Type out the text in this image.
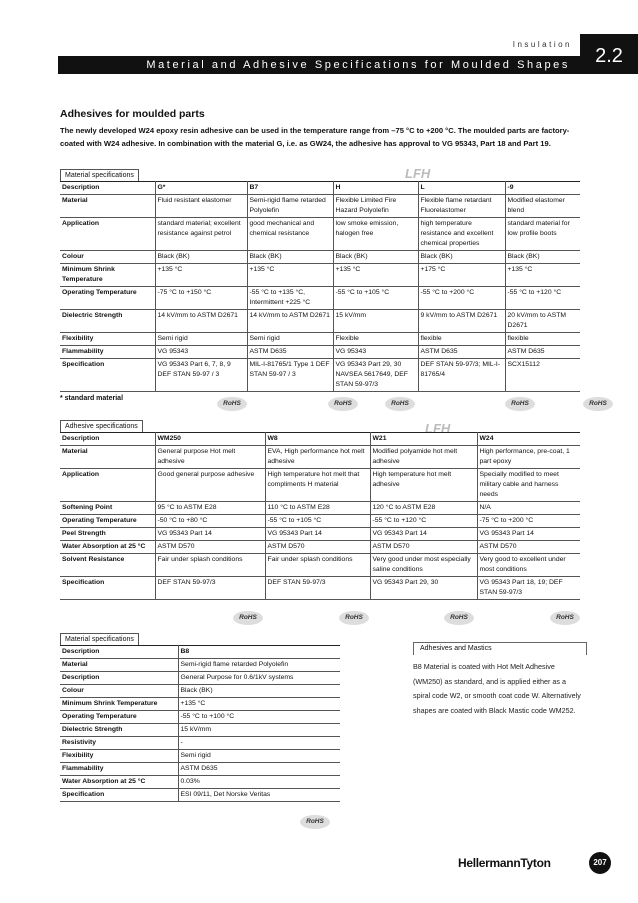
Insulation
Material and Adhesive Specifications for Moulded Shapes	2.2
Adhesives for moulded parts
The newly developed W24 epoxy resin adhesive can be used in the temperature range from –75 °C to +200 °C. The moulded parts are factory-coated with W24 adhesive. In combination with the material G, i.e. as GW24, the adhesive has approval to VG 95343, Part 18 and Part 19.
Material specifications	LFH
Description	G*	B7	H	L	-9
Material	Fluid resistant elastomer	Semi-rigid flame retarded Polyolefin	Flexible Limited Fire Hazard Polyolefin	Flexible flame retardant Fluorelastomer	Modified elastomer blend
Application	standard material; excellent resistance against petrol	good mechanical and chemical resistance	low smoke emission, halogen free	high temperature resistance and excellent chemical properties	standard material for low profile boots
Colour	Black (BK)	Black (BK)	Black (BK)	Black (BK)	Black (BK)
Minimum Shrink Temperature	+135 °C	+135 °C	+135 °C	+175 °C	+135 °C
Operating Temperature	-75 °C to +150 °C	-55 °C to +135 °C, Intermittent +225 °C	-55 °C to +105 °C	-55 °C to +200 °C	-55 °C to +120 °C
Dielectric Strength	14 kV/mm to ASTM D2671	14 kV/mm to ASTM D2671	15 kV/mm	9 kV/mm to ASTM D2671	20 kV/mm to ASTM D2671
Flexibility	Semi rigid	Semi rigid	Flexible	flexible	flexible
Flammability	VG 95343	ASTM D635	VG 95343	ASTM D635	ASTM D635
Specification	VG 95343 Part 6, 7, 8, 9 DEF STAN 59-97 / 3	MIL-I-81765/1 Type 1 DEF STAN 59-97 / 3	VG 95343 Part 29, 30 NAVSEA 5617649, DEF STAN 59-97/3	DEF STAN 59-97/3; MIL-I-81765/4	SCX15112
* standard material
RoHS	RoHS	RoHS	RoHS	RoHS
Adhesive specifications	LFH
Description	WM250	W8	W21	W24
Material	General purpose Hot melt adhesive	EVA, High performance hot melt adhesive	Modified polyamide hot melt adhesive	High performance, pre-coat, 1 part epoxy
Application	Good general purpose adhesive	High temperature hot melt that compliments H material	High temperature hot melt adhesive	Specially modified to meet military cable and harness needs
Softening Point	95 °C to ASTM E28	110 °C to ASTM E28	120 °C to ASTM E28	N/A
Operating Temperature	-50 °C to +80 °C	-55 °C to +105 °C	-55 °C to +120 °C	-75 °C to +200 °C
Peel Strength	VG 95343 Part 14	VG 95343 Part 14	VG 95343 Part 14	VG 95343 Part 14
Water Absorption at 25 °C	ASTM D570	ASTM D570	ASTM D570	ASTM D570
Solvent Resistance	Fair under splash conditions	Fair under splash conditions	Very good under most especially saline conditions	Very good to excellent under most conditions
Specification	DEF STAN 59-97/3	DEF STAN 59-97/3	VG 95343 Part 29, 30	VG 95343 Part 18, 19; DEF STAN 59-97/3
RoHS	RoHS	RoHS	RoHS
Material specifications
Description	B8
Material	Semi-rigid flame retarded Polyolefin
Description	General Purpose for 0.6/1kV systems
Colour	Black (BK)
Minimum Shrink Temperature	+135 °C
Operating Temperature	-55 °C to +100 °C
Dielectric Strength	15 kV/mm
Resistivity	-
Flexibility	Semi rigid
Flammability	ASTM D635
Water Absorption at 25 °C	0.03%
Specification	ESI 09/11, Det Norske Veritas
RoHS
Adhesives and Mastics
B8 Material is coated with Hot Melt Adhesive (WM250) as standard, and is applied either as a spiral code W2, or smooth coat code W. Alternatively shapes are coated with Black Mastic code WM252.
HellermannTyton	207
